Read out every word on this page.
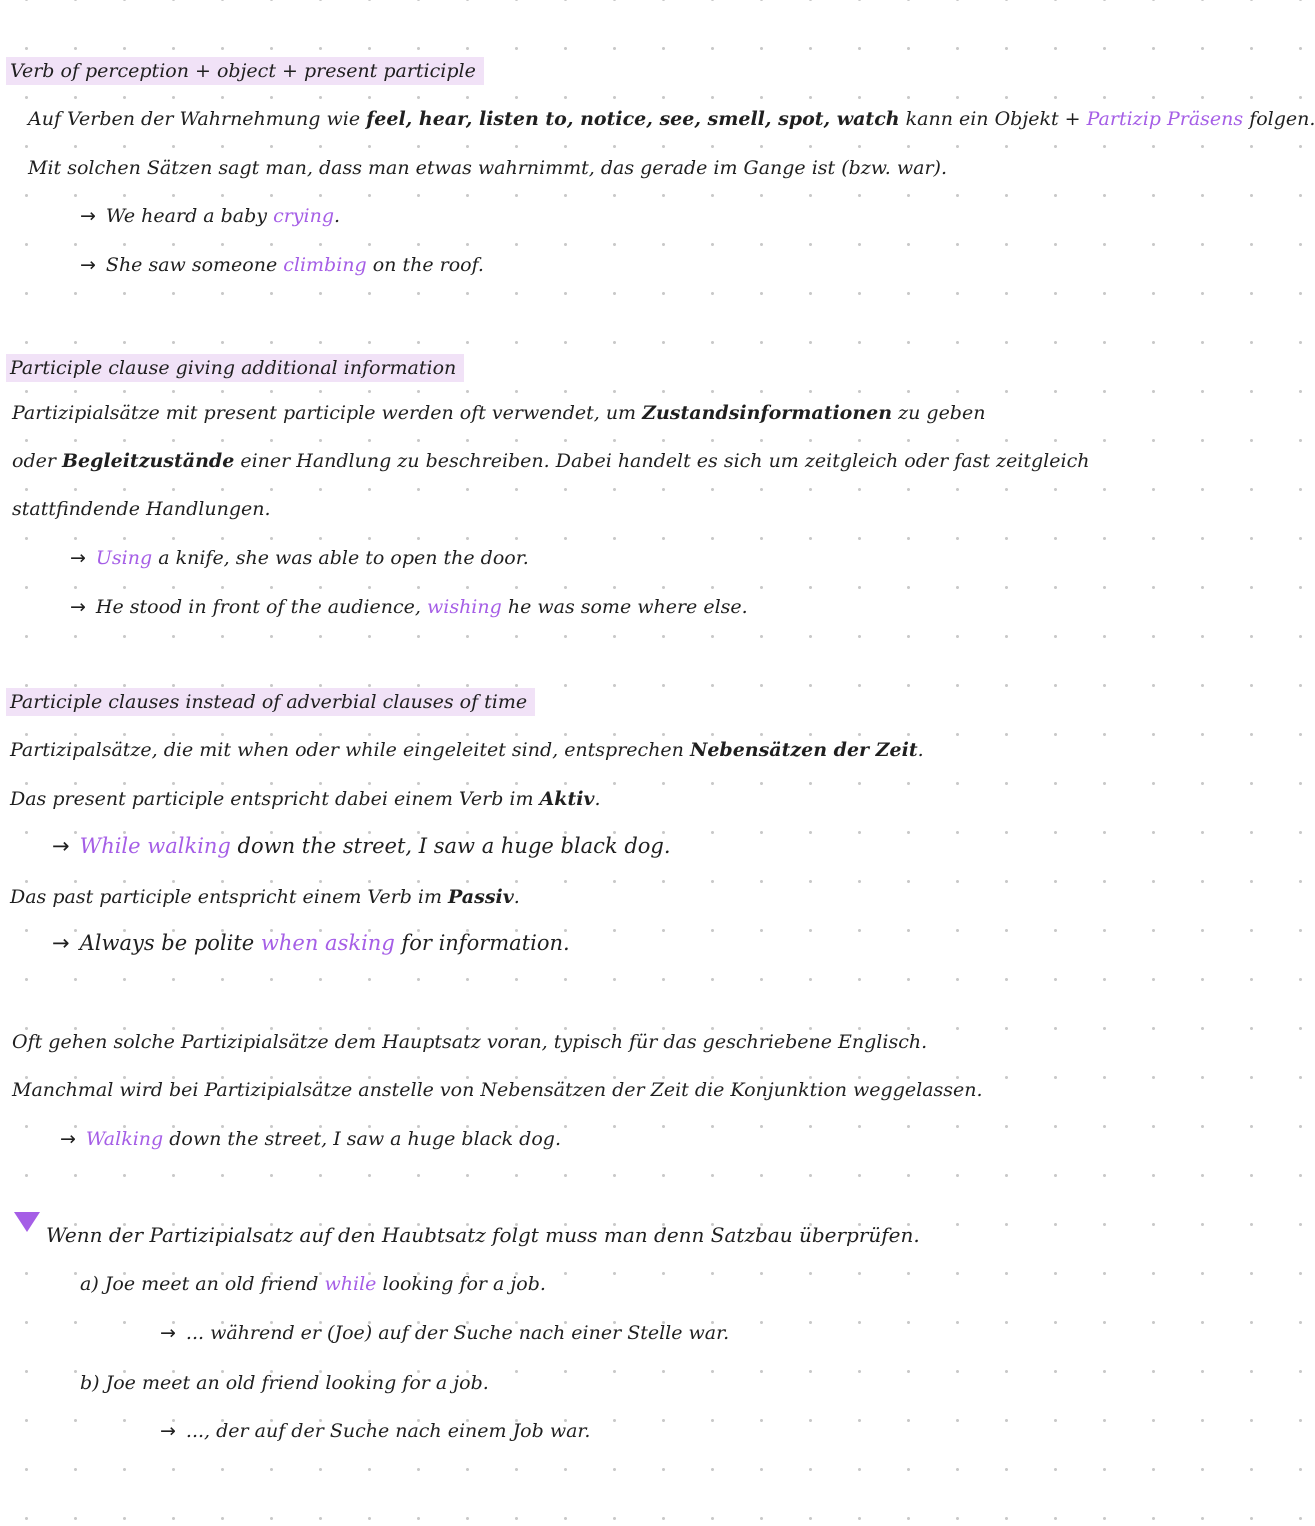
Verb of perception + object + present participle
Auf Verben der Wahrnehmung wie feel, hear, listen to, notice, see, smell, spot, watch kann ein Objekt + Partizip Präsens folgen.
Mit solchen Sätzen sagt man, dass man etwas wahrnimmt, das gerade im Gange ist (bzw. war).
→ We heard a baby crying.
→ She saw someone climbing on the roof.
Participle clause giving additional information
Partizipialsätze mit present participle werden oft verwendet, um Zustandsinformationen zu geben
oder Begleitzustände einer Handlung zu beschreiben. Dabei handelt es sich um zeitgleich oder fast zeitgleich
stattfindende Handlungen.
→ Using a knife, she was able to open the door.
→ He stood in front of the audience, wishing he was some where else.
Participle clauses instead of adverbial clauses of time
Partizipalsätze, die mit when oder while eingeleitet sind, entsprechen Nebensätzen der Zeit.
Das present participle entspricht dabei einem Verb im Aktiv.
→ While walking down the street, I saw a huge black dog.
Das past participle entspricht einem Verb im Passiv.
→ Always be polite when asking for information.
Oft gehen solche Partizipialsätze dem Hauptsatz voran, typisch für das geschriebene Englisch.
Manchmal wird bei Partizipialsätze anstelle von Nebensätzen der Zeit die Konjunktion weggelassen.
→ Walking down the street, I saw a huge black dog.
Wenn der Partizipialsatz auf den Haubtsatz folgt muss man denn Satzbau überprüfen.
a) Joe meet an old friend while looking for a job.
→ ... während er (Joe) auf der Suche nach einer Stelle war.
b) Joe meet an old friend looking for a job.
→ ..., der auf der Suche nach einem Job war.
